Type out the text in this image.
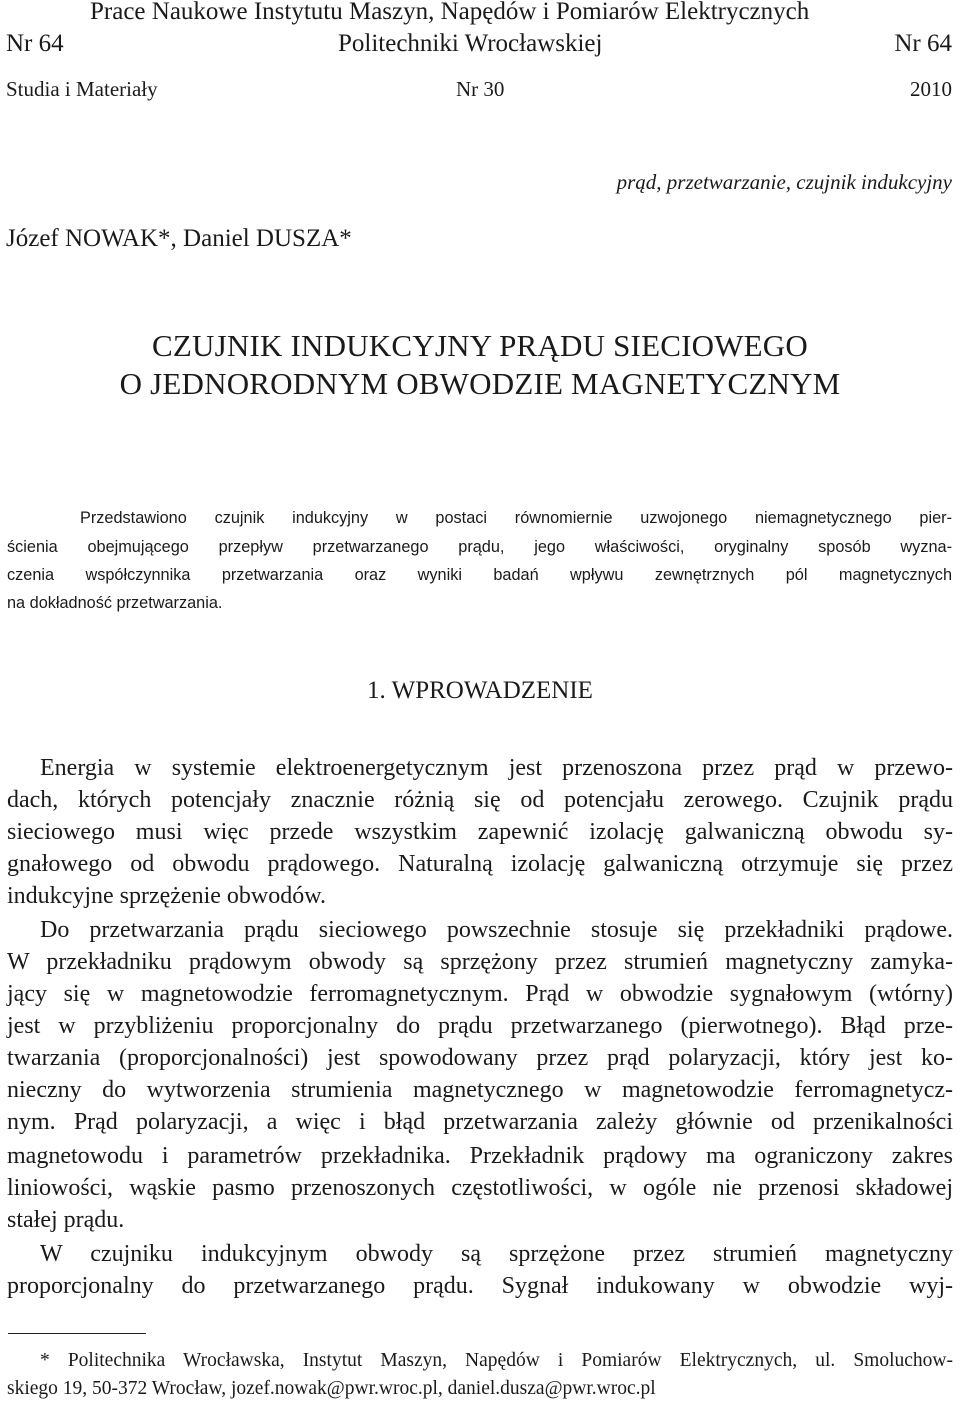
Prace Naukowe Instytutu Maszyn, Napędów i Pomiarów Elektrycznych
Nr 64	Politechniki Wrocławskiej	Nr 64
Studia i Materiały	Nr 30	2010
prąd, przetwarzanie, czujnik indukcyjny
Józef NOWAK*, Daniel DUSZA*
CZUJNIK INDUKCYJNY PRĄDU SIECIOWEGO
O JEDNORODNYM OBWODZIE MAGNETYCZNYM
Przedstawiono czujnik indukcyjny w postaci równomiernie uzwojonego niemagnetycznego pier-
ścienia obejmującego przepływ przetwarzanego prądu, jego właściwości, oryginalny sposób wyzna-
czenia współczynnika przetwarzania oraz wyniki badań wpływu zewnętrznych pól magnetycznych
na dokładność przetwarzania.
1. WPROWADZENIE
Energia w systemie elektroenergetycznym jest przenoszona przez prąd w przewo-
dach, których potencjały znacznie różnią się od potencjału zerowego. Czujnik prądu
sieciowego musi więc przede wszystkim zapewnić izolację galwaniczną obwodu sy-
gnałowego od obwodu prądowego. Naturalną izolację galwaniczną otrzymuje się przez
indukcyjne sprzężenie obwodów.
Do przetwarzania prądu sieciowego powszechnie stosuje się przekładniki prądowe.
W przekładniku prądowym obwody są sprzężony przez strumień magnetyczny zamyka-
jący się w magnetowodzie ferromagnetycznym. Prąd w obwodzie sygnałowym (wtórny)
jest w przybliżeniu proporcjonalny do prądu przetwarzanego (pierwotnego). Błąd prze-
twarzania (proporcjonalności) jest spowodowany przez prąd polaryzacji, który jest ko-
nieczny do wytworzenia strumienia magnetycznego w magnetowodzie ferromagnetycz-
nym. Prąd polaryzacji, a więc i błąd przetwarzania zależy głównie od przenikalności
magnetowodu i parametrów przekładnika. Przekładnik prądowy ma ograniczony zakres
liniowości, wąskie pasmo przenoszonych częstotliwości, w ogóle nie przenosi składowej
stałej prądu.
W czujniku indukcyjnym obwody są sprzężone przez strumień magnetyczny
proporcjonalny do przetwarzanego prądu. Sygnał indukowany w obwodzie wyj-
* Politechnika Wrocławska, Instytut Maszyn, Napędów i Pomiarów Elektrycznych, ul. Smoluchow-
skiego 19, 50-372 Wrocław, jozef.nowak@pwr.wroc.pl, daniel.dusza@pwr.wroc.pl
